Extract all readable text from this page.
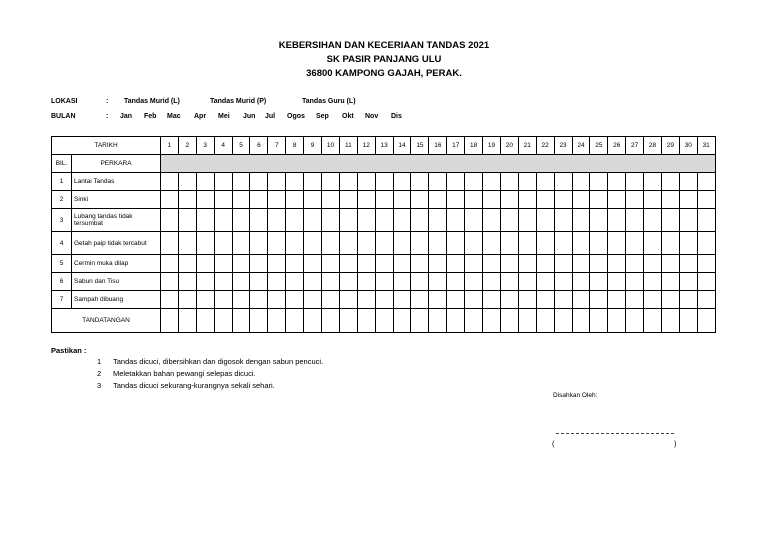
KEBERSIHAN DAN KECERIAAN TANDAS 2021
SK PASIR PANJANG ULU
36800 KAMPONG GAJAH, PERAK.
LOKASI	: Tandas Murid (L)	Tandas Murid (P)	Tandas Guru (L)
BULAN	: Jan Feb Mac Apr Mei Jun Jul Ogos Sep Okt Nov Dis
TARIKH		1	2	3	4	5	6	7	8	9	10	11	12	13	14	15	16	17	18	19	20	21	22	23	24	25	26	27	28	29	30	31
BIL.	PERKARA																															
1	Lantai Tandas																															
2	Sinki																															
3	Lubang tandas tidak tersumbat																															
4	Getah paip tidak tercabut																															
5	Cermin muka dilap																															
6	Sabun dan Tisu																															
7	Sampah dibuang																															
TANDATANGAN																																
Pastikan :
1 Tandas dicuci, dibersihkan dan digosok dengan sabun pencuci.
2 Meletakkan bahan pewangi selepas dicuci.
3 Tandas dicuci sekurang-kurangnya sekali sehari.
Disahkan Oleh:
(	)
